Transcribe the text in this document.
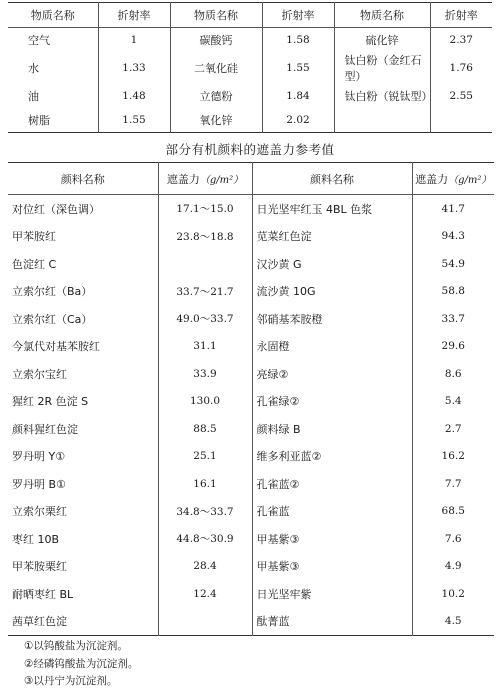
物质名称	折射率	物质名称	折射率	物质名称	折射率
空气	1	碳酸钙	1.58	硫化锌	2.37
水	1.33	二氧化硅	1.55	钛白粉（金红石型）	1.76
油	1.48	立德粉	1.84	钛白粉（锐钛型）	2.55
树脂	1.55	氧化锌	2.02		
部分有机颜料的遮盖力参考值
颜料名称	遮盖力（g/m²）	颜料名称	遮盖力（g/m²）
对位红（深色调）	17.1～15.0	日光坚牢红玉 4BL 色浆	41.7
甲苯胺红	23.8～18.8	苋菜红色淀	94.3
色淀红 C		汉沙黄 G	54.9
立索尔红（Ba）	33.7～21.7	流沙黄 10G	58.8
立索尔红（Ca）	49.0～33.7	邻硝基苯胺橙	33.7
今氯代对基苯胺红	31.1	永固橙	29.6
立索尔宝红	33.9	亮绿②	8.6
猩红 2R 色淀 S	130.0	孔雀绿②	5.4
颜料猩红色淀	88.5	颜料绿 B	2.7
罗丹明 Y①	25.1	维多利亚蓝②	16.2
罗丹明 B①	16.1	孔雀蓝②	7.7
立索尔栗红	34.8～33.7	孔雀蓝	68.5
枣红 10B	44.8～30.9	甲基紫③	7.6
甲苯胺栗红	28.4	甲基紫③	4.9
耐晒枣红 BL	12.4	日光坚牢紫	10.2
茜草红色淀		酞菁蓝	4.5
①以钨酸盐为沉淀剂。
②经磷钨酸盐为沉淀剂。
③以丹宁为沉淀剂。
